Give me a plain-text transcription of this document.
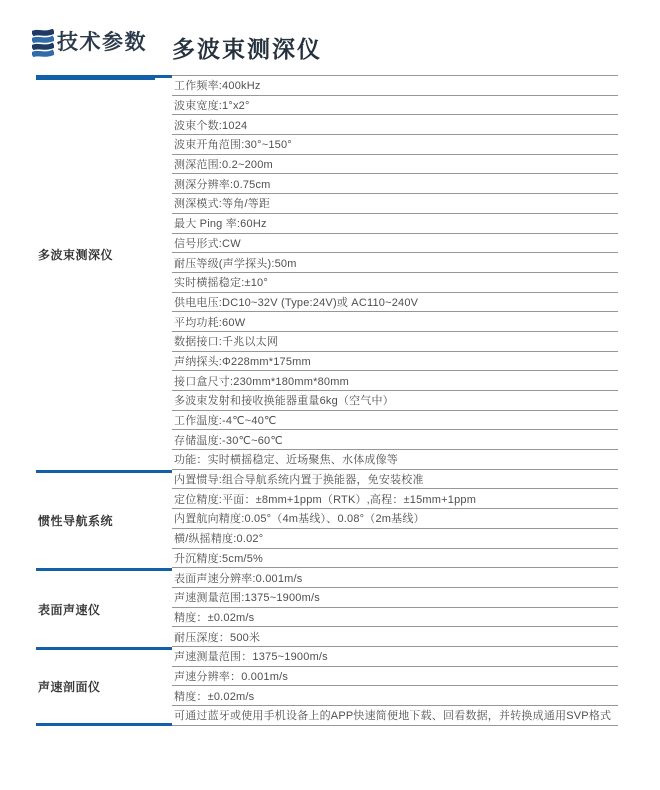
技术参数 多波束测深仪
多波束测深仪
工作频率:400kHz
波束宽度:1°x2°
波束个数:1024
波束开角范围:30°~150°
测深范围:0.2~200m
测深分辨率:0.75cm
测深模式:等角/等距
最大 Ping 率:60Hz
信号形式:CW
耐压等级(声学探头):50m
实时横摇稳定:±10°
供电电压:DC10~32V (Type:24V)或 AC110~240V
平均功耗:60W
数据接口:千兆以太网
声纳探头:Φ228mm*175mm
接口盒尺寸:230mm*180mm*80mm
多波束发射和接收换能器重量6kg（空气中）
工作温度:-4℃~40℃
存储温度:-30℃~60℃
功能：实时横摇稳定、近场聚焦、水体成像等
惯性导航系统
内置惯导:组合导航系统内置于换能器，免安装校准
定位精度:平面：±8mm+1ppm（RTK）,高程：±15mm+1ppm
内置航向精度:0.05°（4m基线）、0.08°（2m基线）
横/纵摇精度:0.02°
升沉精度:5cm/5%
表面声速仪
表面声速分辨率:0.001m/s
声速测量范围:1375~1900m/s
精度：±0.02m/s
耐压深度：500米
声速剖面仪
声速测量范围：1375~1900m/s
声速分辨率：0.001m/s
精度：±0.02m/s
可通过蓝牙或使用手机设备上的APP快速简便地下载、回看数据，并转换成通用SVP格式
